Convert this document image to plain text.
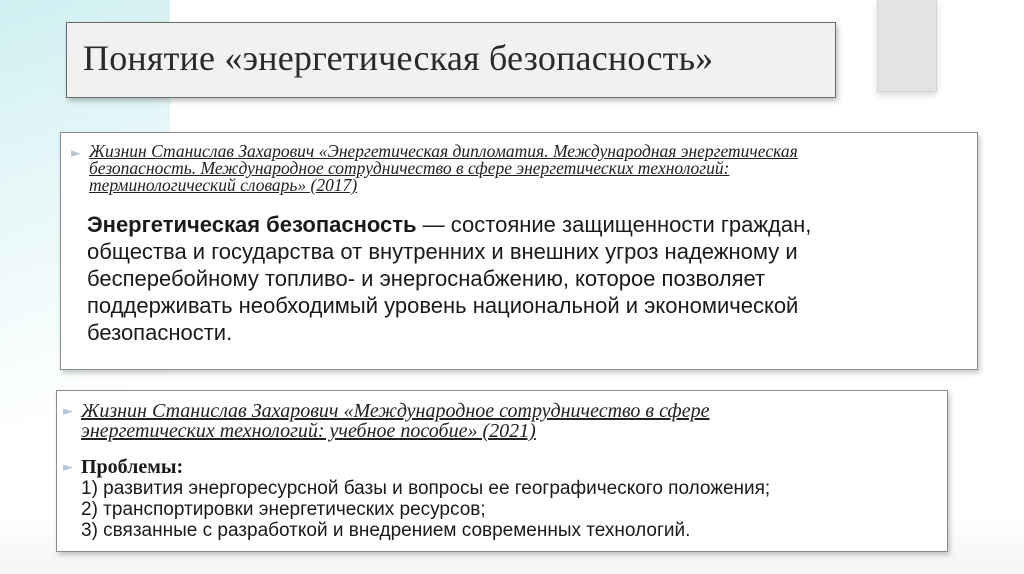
Понятие «энергетическая безопасность»
► Жизнин Станислав Захарович «Энергетическая дипломатия. Международная энергетическая
безопасность. Международное сотрудничество в сфере энергетических технологий:
терминологический словарь» (2017)
Энергетическая безопасность — состояние защищенности граждан,
общества и государства от внутренних и внешних угроз надежному и
бесперебойному топливо- и энергоснабжению, которое позволяет
поддерживать необходимый уровень национальной и экономической
безопасности.
► Жизнин Станислав Захарович «Международное сотрудничество в сфере
энергетических технологий: учебное пособие» (2021)
► Проблемы:
1) развития энергоресурсной базы и вопросы ее географического положения;
2) транспортировки энергетических ресурсов;
3) связанные с разработкой и внедрением современных технологий.
